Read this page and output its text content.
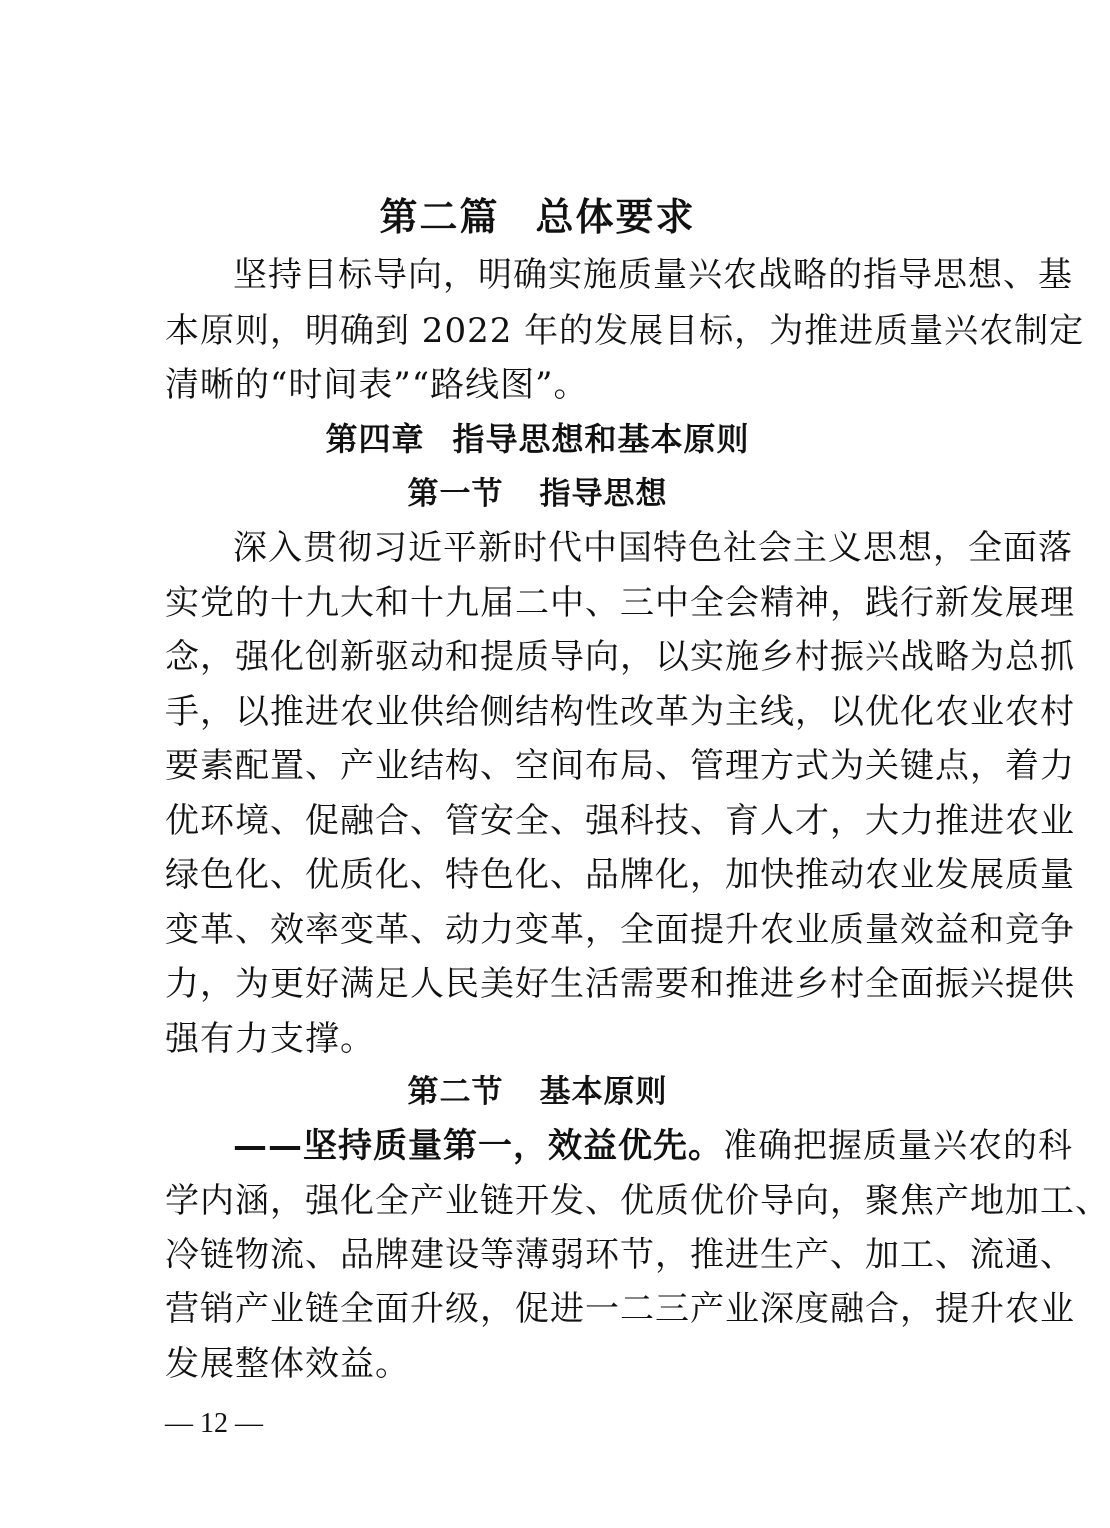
第二篇 总体要求
坚持目标导向，明确实施质量兴农战略的指导思想、基
本原则，明确到 2022 年的发展目标，为推进质量兴农制定
清晰的“时间表”“路线图”。
第四章 指导思想和基本原则
第一节 指导思想
深入贯彻习近平新时代中国特色社会主义思想，全面落
实党的十九大和十九届二中、三中全会精神，践行新发展理
念，强化创新驱动和提质导向，以实施乡村振兴战略为总抓
手，以推进农业供给侧结构性改革为主线，以优化农业农村
要素配置、产业结构、空间布局、管理方式为关键点，着力
优环境、促融合、管安全、强科技、育人才，大力推进农业
绿色化、优质化、特色化、品牌化，加快推动农业发展质量
变革、效率变革、动力变革，全面提升农业质量效益和竞争
力，为更好满足人民美好生活需要和推进乡村全面振兴提供
强有力支撑。
第二节 基本原则
——坚持质量第一，效益优先。准确把握质量兴农的科
学内涵，强化全产业链开发、优质优价导向，聚焦产地加工、
冷链物流、品牌建设等薄弱环节，推进生产、加工、流通、
营销产业链全面升级，促进一二三产业深度融合，提升农业
发展整体效益。
— 12 —
